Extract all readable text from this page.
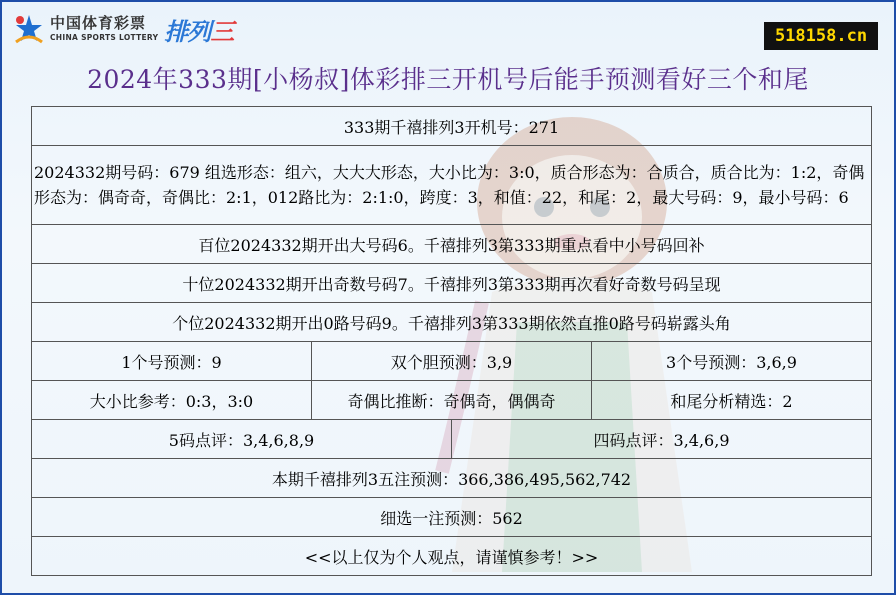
中国体育彩票
CHINA SPORTS LOTTERY 排列三	518158.cn
2024年333期[小杨叔]体彩排三开机号后能手预测看好三个和尾
333期千禧排列3开机号：271			
2024332期号码：679 组选形态：组六，大大大形态，大小比为：3:0，质合形态为：合质合，质合比为：1:2，奇偶形态为：偶奇奇，奇偶比：2:1，012路比为：2:1:0，跨度：3，和值：22，和尾：2，最大号码：9，最小号码：6			
百位2024332期开出大号码6。千禧排列3第333期重点看中小号码回补			
十位2024332期开出奇数号码7。千禧排列3第333期再次看好奇数号码呈现			
个位2024332期开出0路号码9。千禧排列3第333期依然直推0路号码崭露头角			
1个号预测：9	双个胆预测：3,9		3个号预测：3,6,9
大小比参考：0:3，3:0	奇偶比推断：奇偶奇，偶偶奇		和尾分析精选：2
5码点评：3,4,6,8,9		四码点评：3,4,6,9	
本期千禧排列3五注预测：366,386,495,562,742			
细选一注预测：562			
<<以上仅为个人观点，请谨慎参考！>>			
